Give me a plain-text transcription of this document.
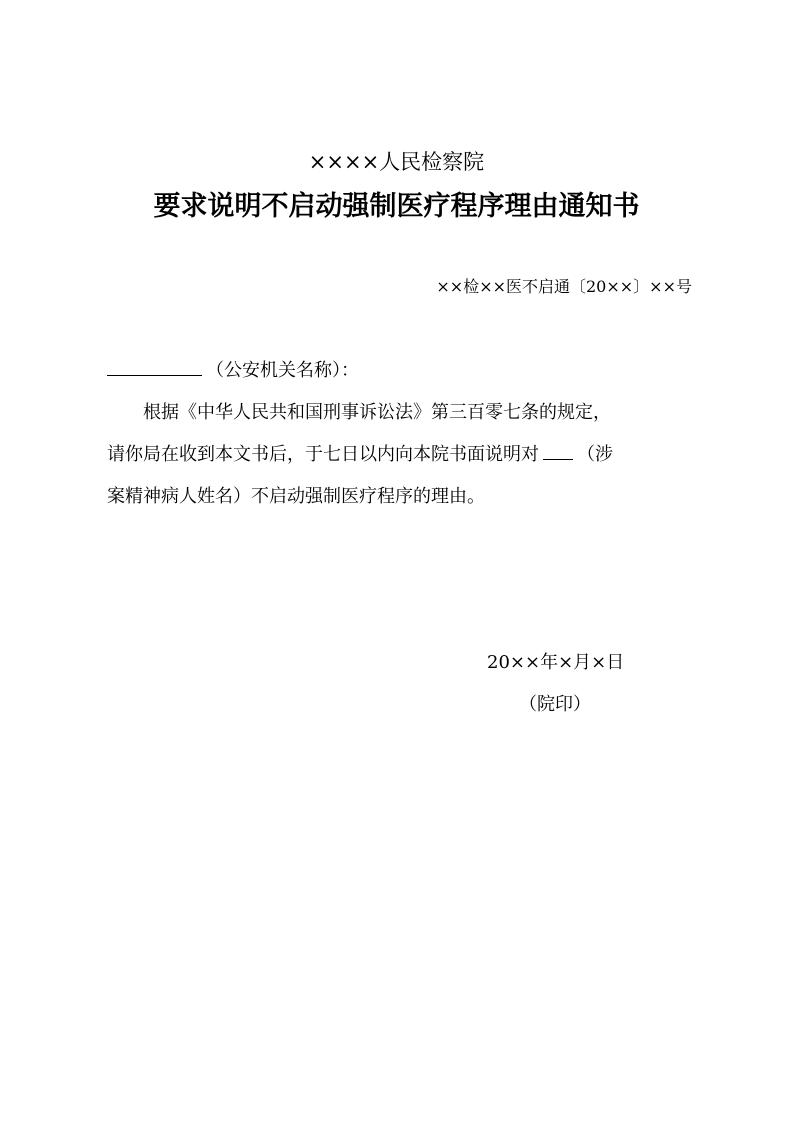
××××人民检察院
要求说明不启动强制医疗程序理由通知书
××检××医不启通〔20××〕××号
（公安机关名称）：
根据《中华人民共和国刑事诉讼法》第三百零七条的规定，
请你局在收到本文书后，于七日以内向本院书面说明对 （涉
案精神病人姓名）不启动强制医疗程序的理由。
20××年×月×日
（院印）
